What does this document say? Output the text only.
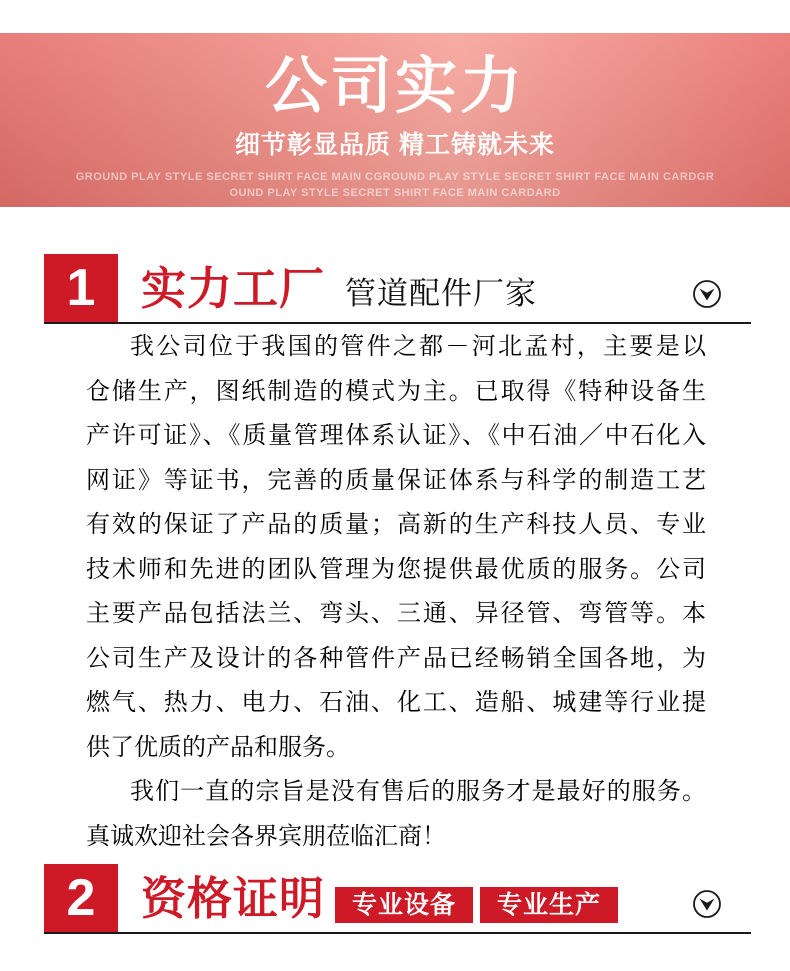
公司实力
细节彰显品质 精工铸就未来
GROUND PLAY STYLE SECRET SHIRT FACE MAIN CGROUND PLAY STYLE SECRET SHIRT FACE MAIN CARDGR
OUND PLAY STYLE SECRET SHIRT FACE MAIN CARDARD
1	实力工厂 管道配件厂家
我公司位于我国的管件之都－河北孟村，主要是以
仓储生产，图纸制造的模式为主。已取得《特种设备生
产许可证》、《质量管理体系认证》、《中石油／中石化入
网证》等证书，完善的质量保证体系与科学的制造工艺
有效的保证了产品的质量；高新的生产科技人员、专业
技术师和先进的团队管理为您提供最优质的服务。公司
主要产品包括法兰、弯头、三通、异径管、弯管等。本
公司生产及设计的各种管件产品已经畅销全国各地，为
燃气、热力、电力、石油、化工、造船、城建等行业提
供了优质的产品和服务。
我们一直的宗旨是没有售后的服务才是最好的服务。
真诚欢迎社会各界宾朋莅临汇商！
2	资格证明	专业设备	专业生产
